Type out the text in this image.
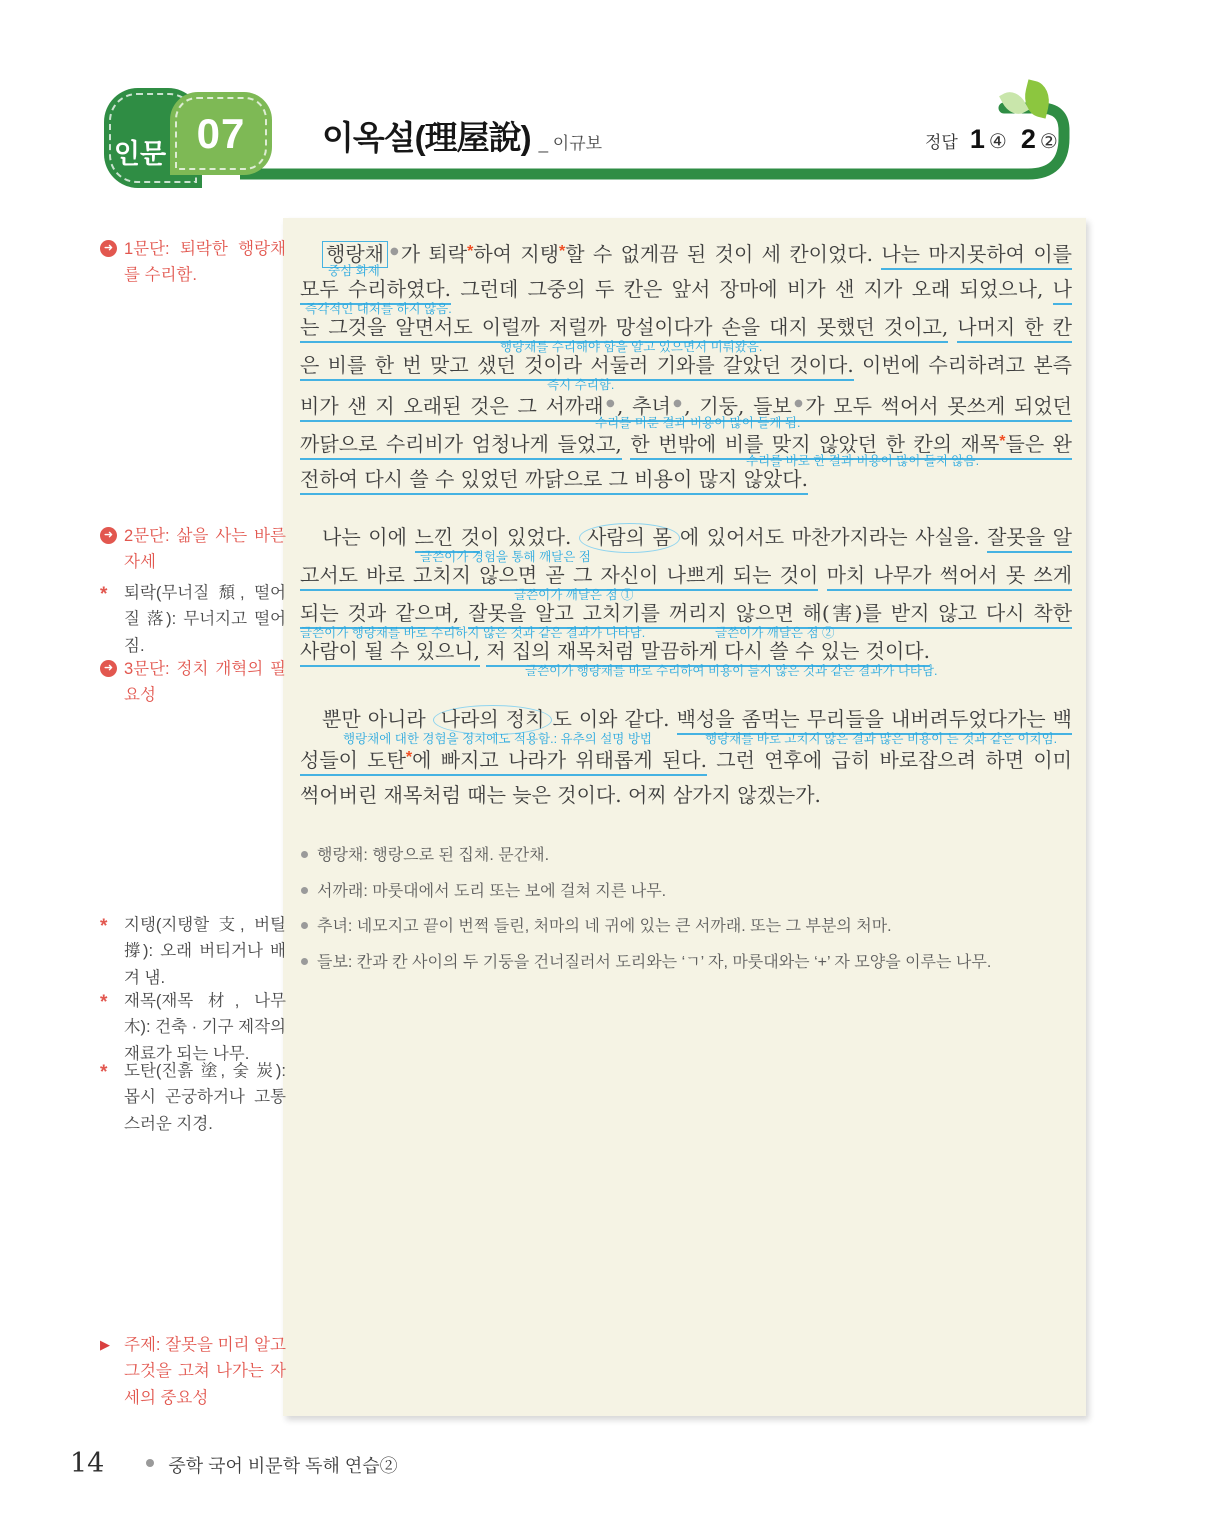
인문 07 이옥설(理屋說) _ 이규보	정답 1 ④ 2 ②
➜ 1문단: 퇴락한 행랑채를 수리함.
➜ 2문단: 삶을 사는 바른 자세
* 퇴락(무너질 頹, 떨어질 落): 무너지고 떨어짐.
➜ 3문단: 정치 개혁의 필요성
* 지탱(지탱할 支, 버틸 撐): 오래 버티거나 배겨 냄.
* 재목(재목 材, 나무 木): 건축 · 기구 제작의 재료가 되는 나무.
* 도탄(진흙 塗, 숯 炭): 몹시 곤궁하거나 고통스러운 지경.
▶ 주제: 잘못을 미리 알고 그것을 고쳐 나가는 자세의 중요성
행랑채 ●가 퇴락*하여 지탱*할 수 없게끔 된 것이 세 칸이었다. 나는 마지못하여 이를
중심 화제
모두 수리하였다. 그런데 그중의 두 칸은 앞서 장마에 비가 샌 지가 오래 되었으나, 나
즉각적인 대처를 하지 않음.
는 그것을 알면서도 이럴까 저럴까 망설이다가 손을 대지 못했던 것이고, 나머지 한 칸
행랑채를 수리해야 함을 알고 있으면서 미뤄왔음.
은 비를 한 번 맞고 샜던 것이라 서둘러 기와를 갈았던 것이다. 이번에 수리하려고 본즉
즉시 수리함.
비가 샌 지 오래된 것은 그 서까래●, 추녀●, 기둥, 들보●가 모두 썩어서 못쓰게 되었던
수리를 미룬 결과 비용이 많이 들게 됨.
까닭으로 수리비가 엄청나게 들었고, 한 번밖에 비를 맞지 않았던 한 칸의 재목*들은 완
수리를 바로 한 결과 비용이 많이 들지 않음.
전하여 다시 쓸 수 있었던 까닭으로 그 비용이 많지 않았다.
나는 이에 느낀 것이 있었다. 사람의 몸 에 있어서도 마찬가지라는 사실을. 잘못을 알
글쓴이가 경험을 통해 깨달은 점
고서도 바로 고치지 않으면 곧 그 자신이 나쁘게 되는 것이 마치 나무가 썩어서 못 쓰게
글쓴이가 깨달은 점 ①
되는 것과 같으며, 잘못을 알고 고치기를 꺼리지 않으면 해(害)를 받지 않고 다시 착한
글쓴이가 행랑채를 바로 수리하지 않은 것과 같은 결과가 나타남.	글쓴이가 깨달은 점 ②
사람이 될 수 있으니, 저 집의 재목처럼 말끔하게 다시 쓸 수 있는 것이다.
글쓴이가 행랑채를 바로 수리하여 비용이 들지 않은 것과 같은 결과가 나타남.
뿐만 아니라 나라의 정치 도 이와 같다. 백성을 좀먹는 무리들을 내버려두었다가는 백
행랑채에 대한 경험을 정치에도 적용함.: 유추의 설명 방법	행랑채를 바로 고치지 않은 결과 많은 비용이 든 것과 같은 이치임.
성들이 도탄*에 빠지고 나라가 위태롭게 된다. 그런 연후에 급히 바로잡으려 하면 이미
썩어버린 재목처럼 때는 늦은 것이다. 어찌 삼가지 않겠는가.
행랑채: 행랑으로 된 집채. 문간채.
서까래: 마룻대에서 도리 또는 보에 걸쳐 지른 나무.
추녀: 네모지고 끝이 번쩍 들린, 처마의 네 귀에 있는 큰 서까래. 또는 그 부분의 처마.
들보: 칸과 칸 사이의 두 기둥을 건너질러서 도리와는 ‘ㄱ’ 자, 마룻대와는 ‘+’ 자 모양을 이루는 나무.
14	중학 국어 비문학 독해 연습②
